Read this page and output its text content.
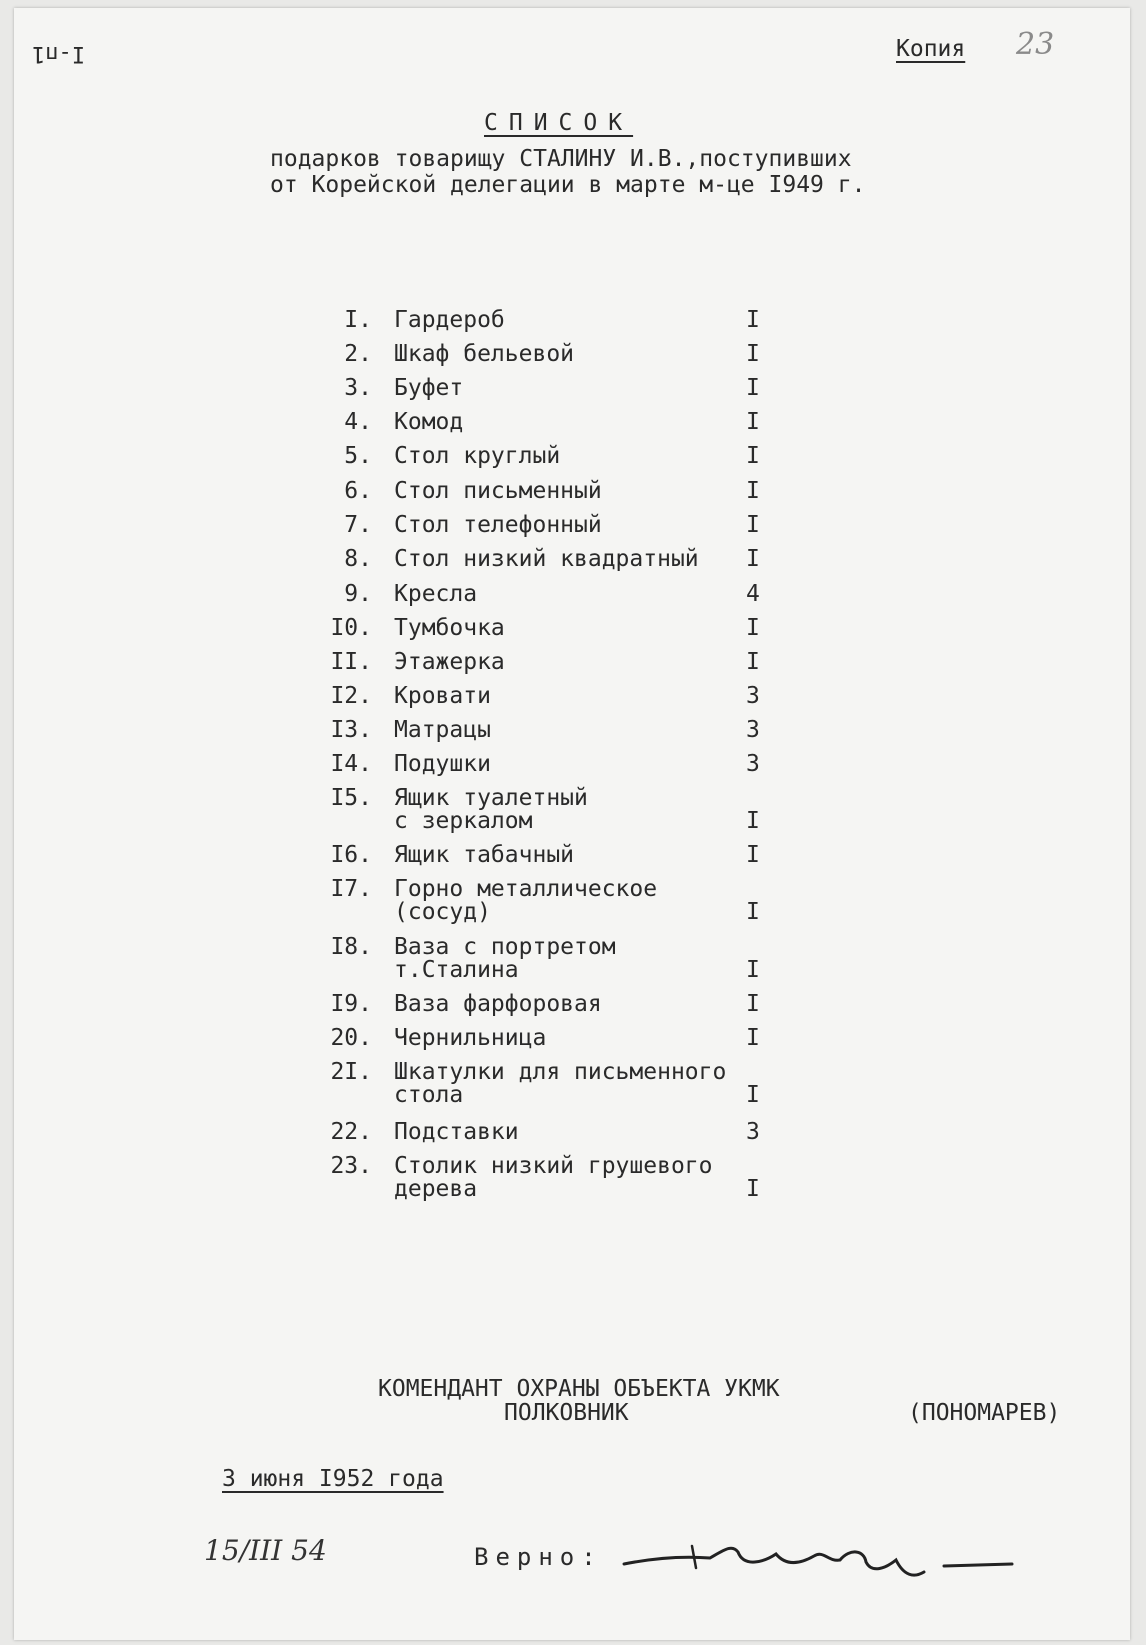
I-п1	Копия 23
СПИСОК
подарков товарищу СТАЛИНУ И.В.,поступивших
от Корейской делегации в марте м-це I949 г.
I. Гардероб	I
2. Шкаф бельевой	I
3. Буфет	I
4. Комод	I
5. Стол круглый	I
6. Стол письменный	I
7. Стол телефонный	I
8. Стол низкий квадратный I
9. Кресла	4
I0. Тумбочка	I
II. Этажерка	I
I2. Кровати	3
I3. Матрацы	3
I4. Подушки	3
I5. Ящик туалетный
с зеркалом	I
I6. Ящик табачный	I
I7. Горно металлическое
(сосуд)	I
I8. Ваза с портретом
т.Сталина	I
I9. Ваза фарфоровая	I
20. Чернильница	I
2I. Шкатулки для письменного
стола	I
22. Подставки	3
23. Столик низкий грушевого
дерева	I
КОМЕНДАНТ ОХРАНЫ ОБЪЕКТА УКМК
ПОЛКОВНИК	(ПОНОМАРЕВ)
3 июня I952 года
15/III 54	Верно:
